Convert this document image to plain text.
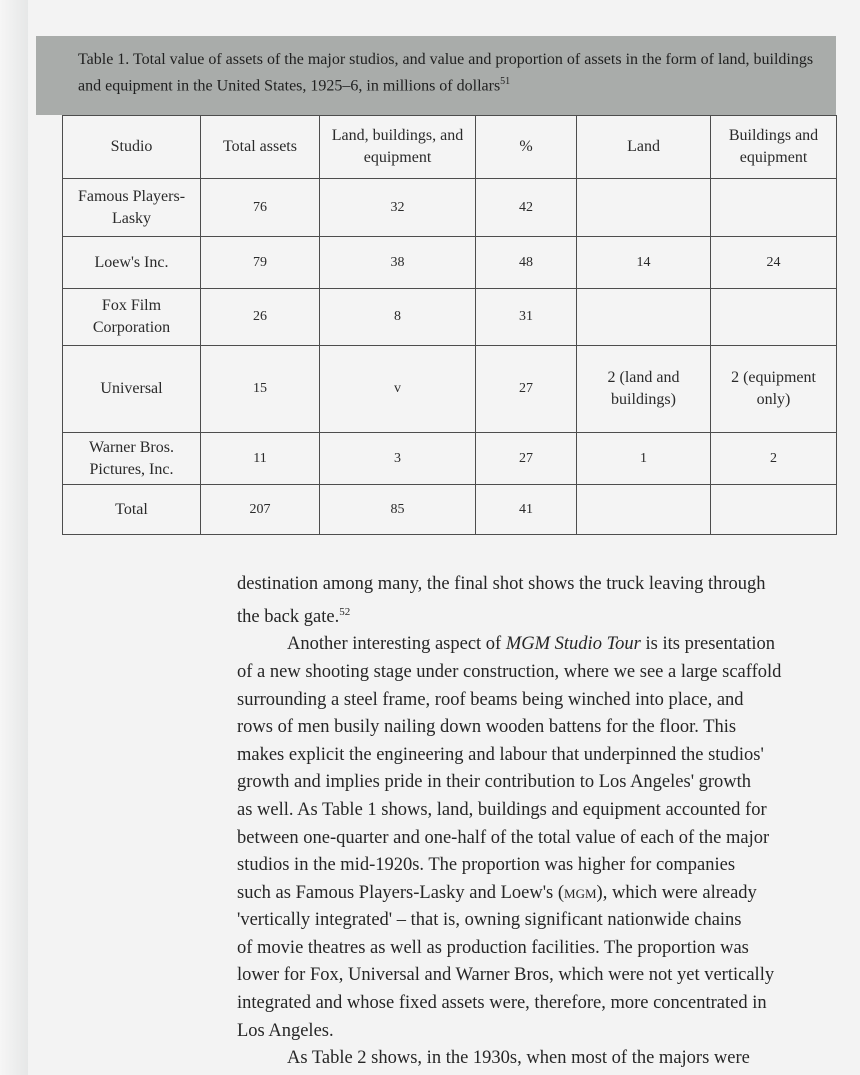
Table 1. Total value of assets of the major studios, and value and proportion of assets in the form of land, buildings and equipment in the United States, 1925–6, in millions of dollars$^{51}$
Studio	Total assets	Land, buildings, and equipment	%	Land	Buildings and equipment
Famous Players-Lasky	76	32	42		
Loew's Inc.	79	38	48	14	24
Fox Film Corporation	26	8	31		
Universal	15	v	27	2 (land and buildings)	2 (equipment only)
Warner Bros. Pictures, Inc.	11	3	27	1	2
Total	207	85	41		
destination among many, the final shot shows the truck leaving through
the back gate.$^{52}$
Another interesting aspect of MGM Studio Tour is its presentation
of a new shooting stage under construction, where we see a large scaffold
surrounding a steel frame, roof beams being winched into place, and
rows of men busily nailing down wooden battens for the floor. This
makes explicit the engineering and labour that underpinned the studios'
growth and implies pride in their contribution to Los Angeles' growth
as well. As Table 1 shows, land, buildings and equipment accounted for
between one-quarter and one-half of the total value of each of the major
studios in the mid-1920s. The proportion was higher for companies
such as Famous Players-Lasky and Loew's (mgm), which were already
'vertically integrated' – that is, owning significant nationwide chains
of movie theatres as well as production facilities. The proportion was
lower for Fox, Universal and Warner Bros, which were not yet vertically
integrated and whose fixed assets were, therefore, more concentrated in
Los Angeles.
As Table 2 shows, in the 1930s, when most of the majors were
